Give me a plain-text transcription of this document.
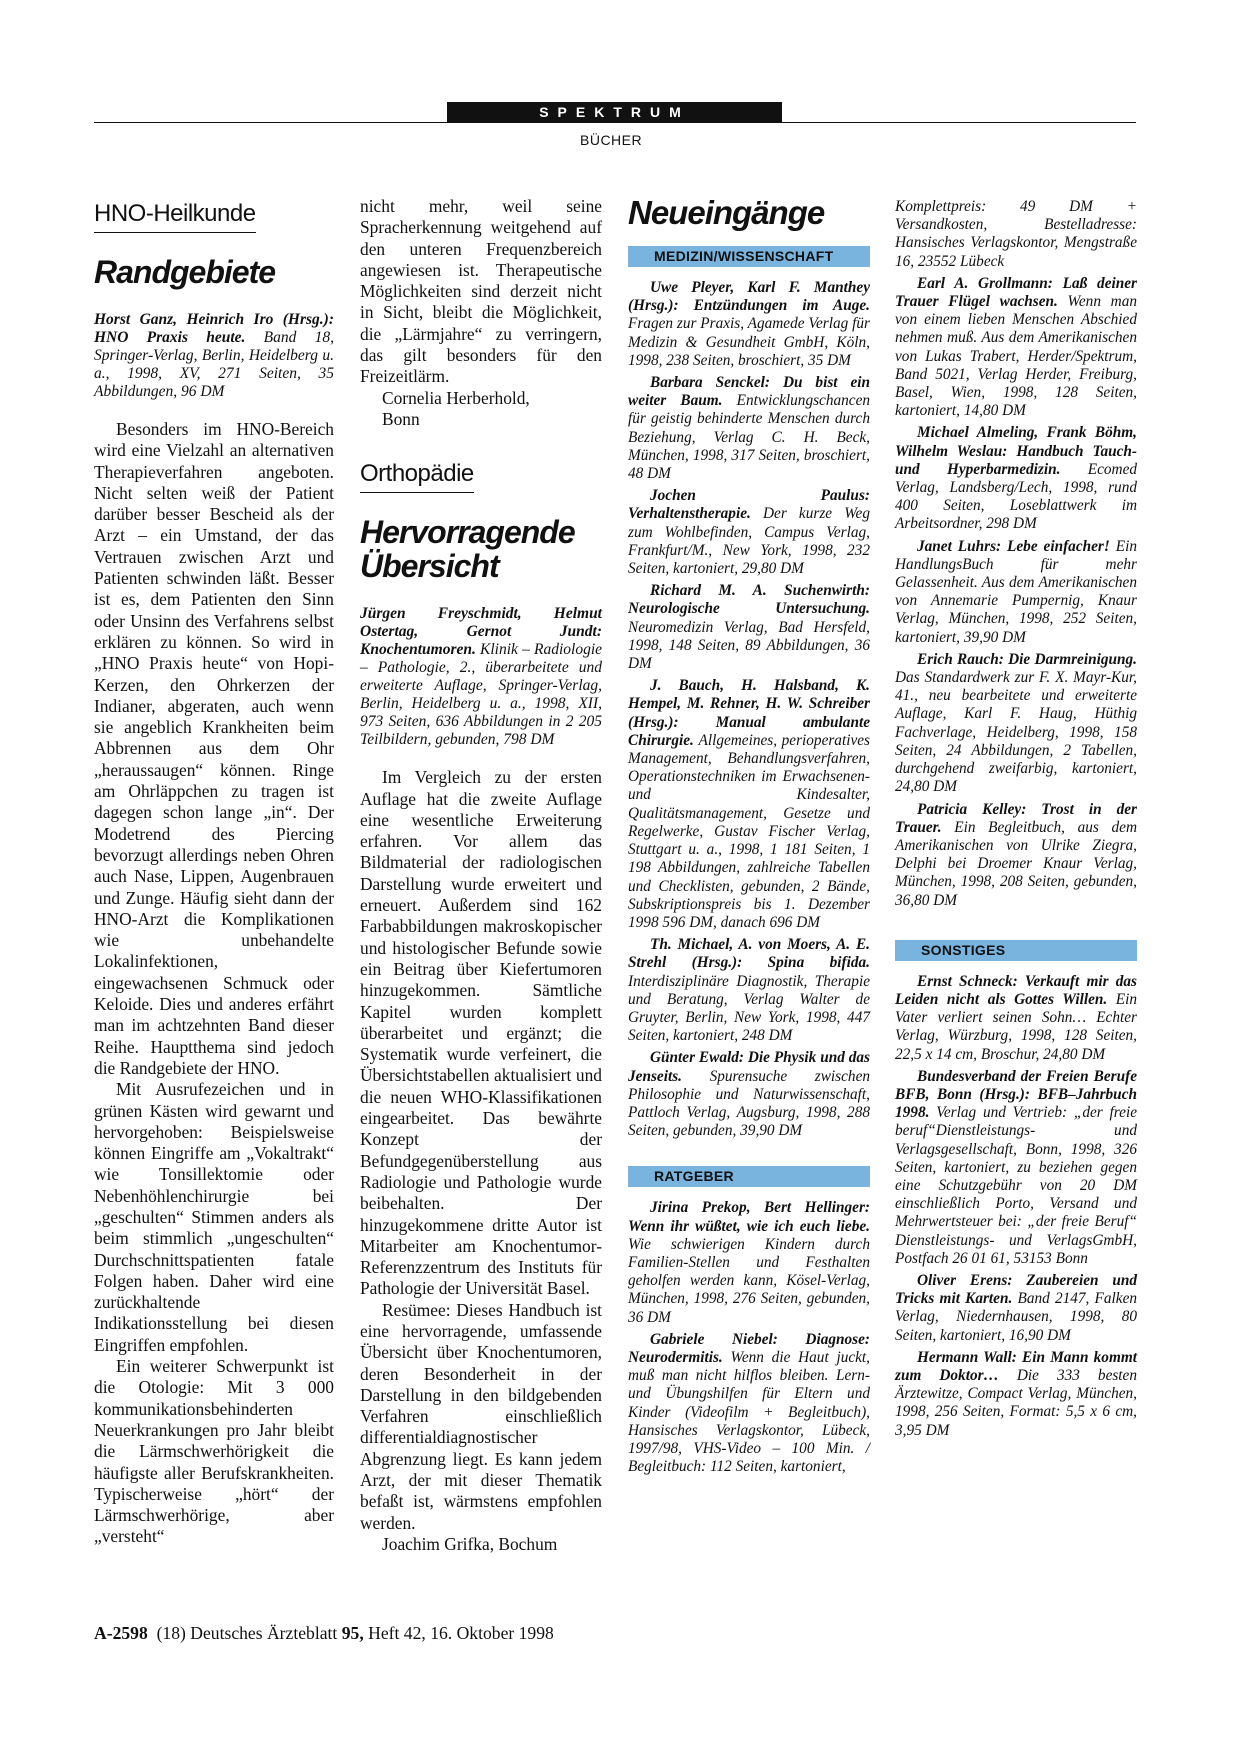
SPEKTRUM
BÜCHER
HNO-Heilkunde
Randgebiete
Horst Ganz, Heinrich Iro (Hrsg.): HNO Praxis heute. Band 18, Springer-Verlag, Berlin, Heidelberg u. a., 1998, XV, 271 Seiten, 35 Abbildungen, 96 DM

Besonders im HNO-Bereich wird eine Vielzahl an alternativen Therapieverfahren angeboten. Nicht selten weiß der Patient darüber besser Bescheid als der Arzt – ein Umstand, der das Vertrauen zwischen Arzt und Patienten schwinden läßt. Besser ist es, dem Patienten den Sinn oder Unsinn des Verfahrens selbst erklären zu können. So wird in „HNO Praxis heute“ von Hopi-Kerzen, den Ohrkerzen der Indianer, abgeraten, auch wenn sie angeblich Krankheiten beim Abbrennen aus dem Ohr „heraussaugen“ können. Ringe am Ohrläppchen zu tragen ist dagegen schon lange „in“. Der Modetrend des Piercing bevorzugt allerdings neben Ohren auch Nase, Lippen, Augenbrauen und Zunge. Häufig sieht dann der HNO-Arzt die Komplikationen wie unbehandelte Lokalinfektionen, eingewachsenen Schmuck oder Keloide. Dies und anderes erfährt man im achtzehnten Band dieser Reihe. Hauptthema sind jedoch die Randgebiete der HNO.

Mit Ausrufezeichen und in grünen Kästen wird gewarnt und hervorgehoben: Beispielsweise können Eingriffe am „Vokaltrakt“ wie Tonsillektomie oder Nebenhöhlenchirurgie bei „geschulten“ Stimmen anders als beim stimmlich „ungeschulten“ Durchschnittspatienten fatale Folgen haben. Daher wird eine zurückhaltende Indikationsstellung bei diesen Eingriffen empfohlen.

Ein weiterer Schwerpunkt ist die Otologie: Mit 3 000 kommunikationsbehinderten Neuerkrankungen pro Jahr bleibt die Lärmschwerhörigkeit die häufigste aller Berufskrankheiten. Typischerweise „hört“ der Lärmschwerhörige, aber „versteht“

nicht mehr, weil seine Spracherkennung weitgehend auf den unteren Frequenzbereich angewiesen ist. Therapeutische Möglichkeiten sind derzeit nicht in Sicht, bleibt die Möglichkeit, die „Lärmjahre“ zu verringern, das gilt besonders für den Freizeitlärm.

Cornelia Herberhold,

Bonn

Orthopädie
Hervorragende
Übersicht
Jürgen Freyschmidt, Helmut Ostertag, Gernot Jundt: Knochentumoren. Klinik – Radiologie – Pathologie, 2., überarbeitete und erweiterte Auflage, Springer-Verlag, Berlin, Heidelberg u. a., 1998, XII, 973 Seiten, 636 Abbildungen in 2 205 Teilbildern, gebunden, 798 DM

Im Vergleich zu der ersten Auflage hat die zweite Auflage eine wesentliche Erweiterung erfahren. Vor allem das Bildmaterial der radiologischen Darstellung wurde erweitert und erneuert. Außerdem sind 162 Farbabbildungen makroskopischer und histologischer Befunde sowie ein Beitrag über Kiefertumoren hinzugekommen. Sämtliche Kapitel wurden komplett überarbeitet und ergänzt; die Systematik wurde verfeinert, die Übersichtstabellen aktualisiert und die neuen WHO-Klassifikationen eingearbeitet. Das bewährte Konzept der Befundgegenüberstellung aus Radiologie und Pathologie wurde beibehalten. Der hinzugekommene dritte Autor ist Mitarbeiter am Knochentumor-Referenzzentrum des Instituts für Pathologie der Universität Basel.

Resümee: Dieses Handbuch ist eine hervorragende, umfassende Übersicht über Knochentumoren, deren Besonderheit in der Darstellung in den bildgebenden Verfahren einschließlich differentialdiagnostischer Abgrenzung liegt. Es kann jedem Arzt, der mit dieser Thematik befaßt ist, wärmstens empfohlen werden.

Joachim Grifka, Bochum

Neueingänge
MEDIZIN/WISSENSCHAFT

Uwe Pleyer, Karl F. Manthey (Hrsg.): Entzündungen im Auge. Fragen zur Praxis, Agamede Verlag für Medizin & Gesundheit GmbH, Köln, 1998, 238 Seiten, broschiert, 35 DM

Barbara Senckel: Du bist ein weiter Baum. Entwicklungschancen für geistig behinderte Menschen durch Beziehung, Verlag C. H. Beck, München, 1998, 317 Seiten, broschiert, 48 DM

Jochen Paulus: Verhaltenstherapie. Der kurze Weg zum Wohlbefinden, Campus Verlag, Frankfurt/M., New York, 1998, 232 Seiten, kartoniert, 29,80 DM

Richard M. A. Suchenwirth: Neurologische Untersuchung. Neuromedizin Verlag, Bad Hersfeld, 1998, 148 Seiten, 89 Abbildungen, 36 DM

J. Bauch, H. Halsband, K. Hempel, M. Rehner, H. W. Schreiber (Hrsg.): Manual ambulante Chirurgie. Allgemeines, perioperatives Management, Behandlungsverfahren, Operationstechniken im Erwachsenen- und Kindesalter, Qualitätsmanagement, Gesetze und Regelwerke, Gustav Fischer Verlag, Stuttgart u. a., 1998, 1 181 Seiten, 1 198 Abbildungen, zahlreiche Tabellen und Checklisten, gebunden, 2 Bände, Subskriptionspreis bis 1. Dezember 1998 596 DM, danach 696 DM

Th. Michael, A. von Moers, A. E. Strehl (Hrsg.): Spina bifida. Interdisziplinäre Diagnostik, Therapie und Beratung, Verlag Walter de Gruyter, Berlin, New York, 1998, 447 Seiten, kartoniert, 248 DM

Günter Ewald: Die Physik und das Jenseits. Spurensuche zwischen Philosophie und Naturwissenschaft, Pattloch Verlag, Augsburg, 1998, 288 Seiten, gebunden, 39,90 DM

RATGEBER

Jirina Prekop, Bert Hellinger: Wenn ihr wüßtet, wie ich euch liebe. Wie schwierigen Kindern durch Familien-Stellen und Festhalten geholfen werden kann, Kösel-Verlag, München, 1998, 276 Seiten, gebunden, 36 DM

Gabriele Niebel: Diagnose: Neurodermitis. Wenn die Haut juckt, muß man nicht hilflos bleiben. Lern- und Übungshilfen für Eltern und Kinder (Videofilm + Begleitbuch), Hansisches Verlagskontor, Lübeck, 1997/98, VHS-Video – 100 Min. / Begleitbuch: 112 Seiten, kartoniert,

Komplettpreis: 49 DM + Versandkosten, Bestelladresse: Hansisches Verlagskontor, Mengstraße 16, 23552 Lübeck

Earl A. Grollmann: Laß deiner Trauer Flügel wachsen. Wenn man von einem lieben Menschen Abschied nehmen muß. Aus dem Amerikanischen von Lukas Trabert, Herder/Spektrum, Band 5021, Verlag Herder, Freiburg, Basel, Wien, 1998, 128 Seiten, kartoniert, 14,80 DM

Michael Almeling, Frank Böhm, Wilhelm Weslau: Handbuch Tauch- und Hyperbarmedizin. Ecomed Verlag, Landsberg/Lech, 1998, rund 400 Seiten, Loseblattwerk im Arbeitsordner, 298 DM

Janet Luhrs: Lebe einfacher! Ein HandlungsBuch für mehr Gelassenheit. Aus dem Amerikanischen von Annemarie Pumpernig, Knaur Verlag, München, 1998, 252 Seiten, kartoniert, 39,90 DM

Erich Rauch: Die Darmreinigung. Das Standardwerk zur F. X. Mayr-Kur, 41., neu bearbeitete und erweiterte Auflage, Karl F. Haug, Hüthig Fachverlage, Heidelberg, 1998, 158 Seiten, 24 Abbildungen, 2 Tabellen, durchgehend zweifarbig, kartoniert, 24,80 DM

Patricia Kelley: Trost in der Trauer. Ein Begleitbuch, aus dem Amerikanischen von Ulrike Ziegra, Delphi bei Droemer Knaur Verlag, München, 1998, 208 Seiten, gebunden, 36,80 DM

SONSTIGES

Ernst Schneck: Verkauft mir das Leiden nicht als Gottes Willen. Ein Vater verliert seinen Sohn… Echter Verlag, Würzburg, 1998, 128 Seiten, 22,5 x 14 cm, Broschur, 24,80 DM

Bundesverband der Freien Berufe BFB, Bonn (Hrsg.): BFB–Jahrbuch 1998. Verlag und Vertrieb: „der freie beruf“Dienstleistungs- und Verlagsgesellschaft, Bonn, 1998, 326 Seiten, kartoniert, zu beziehen gegen eine Schutzgebühr von 20 DM einschließlich Porto, Versand und Mehrwertsteuer bei: „der freie Beruf“ Dienstleistungs- und VerlagsGmbH, Postfach 26 01 61, 53153 Bonn

Oliver Erens: Zaubereien und Tricks mit Karten. Band 2147, Falken Verlag, Niedernhausen, 1998, 80 Seiten, kartoniert, 16,90 DM

Hermann Wall: Ein Mann kommt zum Doktor… Die 333 besten Ärztewitze, Compact Verlag, München, 1998, 256 Seiten, Format: 5,5 x 6 cm, 3,95 DM

A-2598 (18) Deutsches Ärzteblatt 95, Heft 42, 16. Oktober 1998
